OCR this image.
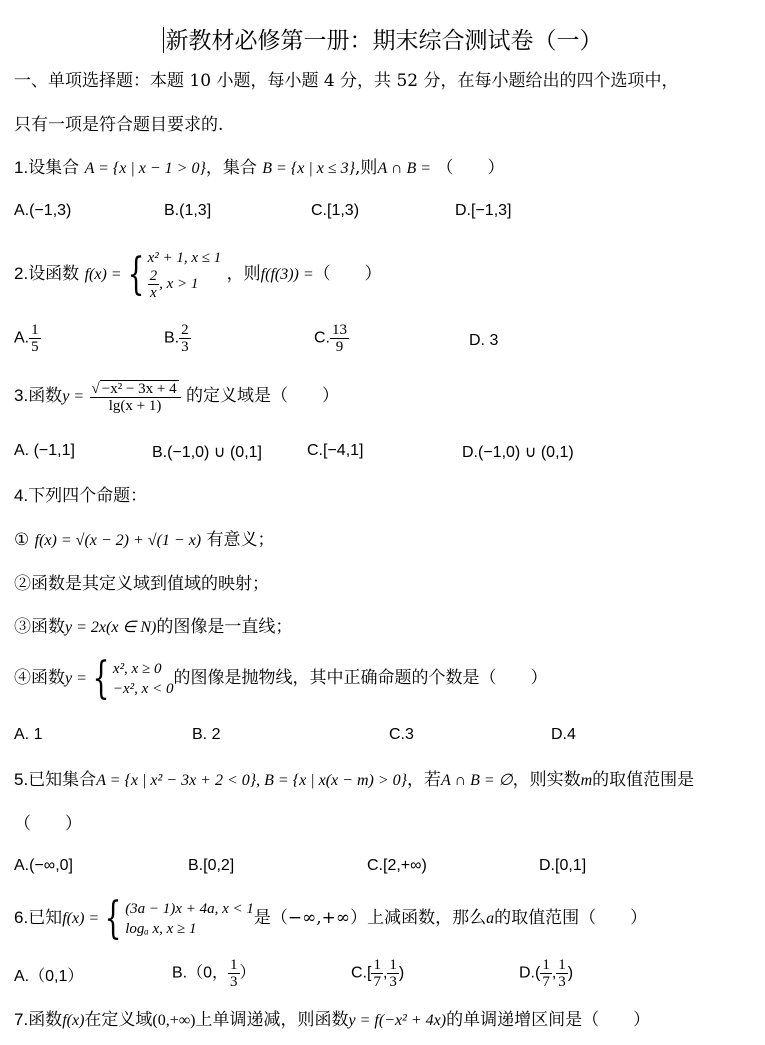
新教材必修第一册：期末综合测试卷（一）
一、单项选择题：本题 10 小题，每小题 4 分，共 52 分，在每小题给出的四个选项中，
只有一项是符合题目要求的.
1.设集合 A = {x | x − 1 > 0}，集合 B = {x | x ≤ 3},则A ∩ B = （　　）
A.(−1,3)	B.(1,3]	C.[1,3)	D.[−1,3]
2.设函数 f(x) = { x² + 1, x ≤ 1
$\frac{2}{x}$ , x > 1	，则f(f(3)) =（　　）
A. $\frac{1}{5}$	B. $\frac{2}{3}$	C. $\frac{13}{9}$	D. 3
3.函数$y = \frac{\text{√ −x² − 3x + 4}}{\lg(x + 1)}$ 的定义域是（　　）
A. (−1,1]	B.(−1,0) ∪ (0,1]	C.[−4,1]	D.(−1,0) ∪ (0,1)
4.下列四个命题：
① f(x) = √(x − 2) + √(1 − x) 有意义；
②函数是其定义域到值域的映射；
③函数y = 2x(x ∈ N)的图像是一直线；
④函数y = { x², x ≥ 0
−x², x < 0
的图像是抛物线，其中正确命题的个数是（　　）
A. 1	B. 2	C.3	D.4
5.已知集合A = {x | x² − 3x + 2 < 0}, B = {x | x(x − m) > 0}，若A ∩ B = ∅，则实数m的取值范围是
（　　）
A.(−∞,0]	B.[0,2]	C.[2,+∞)	D.[0,1]
6.已知f(x) = { (3a − 1)x + 4a, x < 1
logₐ x, x ≥ 1
是（−∞,+∞）上减函数，那么a的取值范围（　　）
A.（0,1）	B.（0， $\frac{1}{3}$ ）	$C.[ \frac{1}{7}$ , $\frac{1}{3}$ )	$D.( \frac{1}{7}$ , $\frac{1}{3}$ )
7.函数f(x)在定义域(0,+∞)上单调递减，则函数y = f(−x² + 4x)的单调递增区间是（　　）
